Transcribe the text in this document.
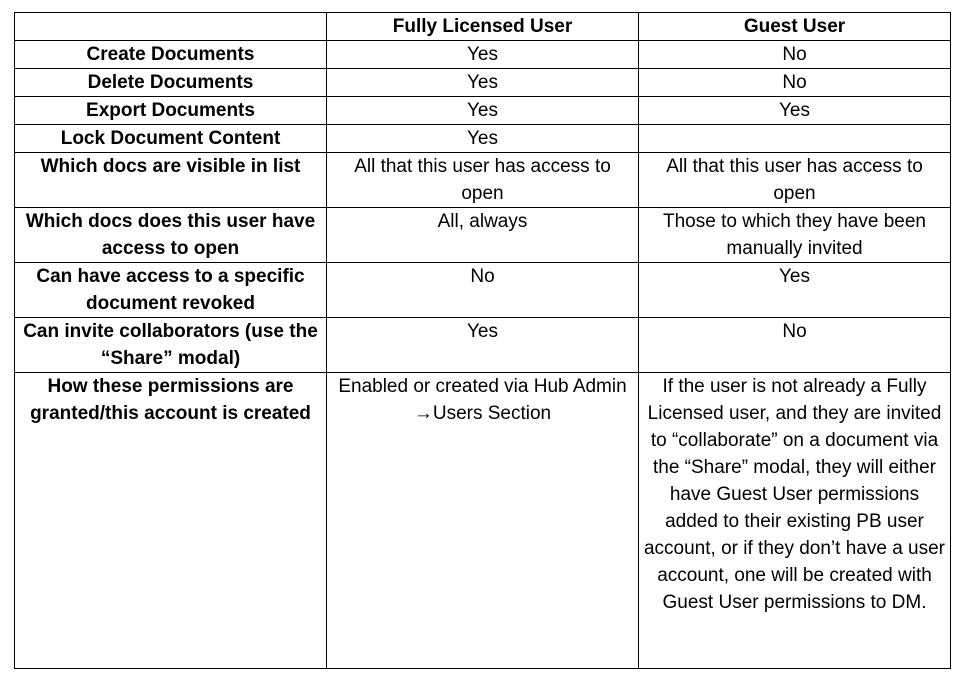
	Fully Licensed User	Guest User
Create Documents	Yes	No
Delete Documents	Yes	No
Export Documents	Yes	Yes
Lock Document Content	Yes	
Which docs are visible in list	All that this user has access to open	All that this user has access to open
Which docs does this user have access to open	All, always	Those to which they have been manually invited
Can have access to a specific document revoked	No	Yes
Can invite collaborators (use the “Share” modal)	Yes	No
How these permissions are granted/this account is created	Enabled or created via Hub Admin →Users Section	If the user is not already a Fully Licensed user, and they are invited to “collaborate” on a document via the “Share” modal, they will either have Guest User permissions added to their existing PB user account, or if they don’t have a user account, one will be created with Guest User permissions to DM.
